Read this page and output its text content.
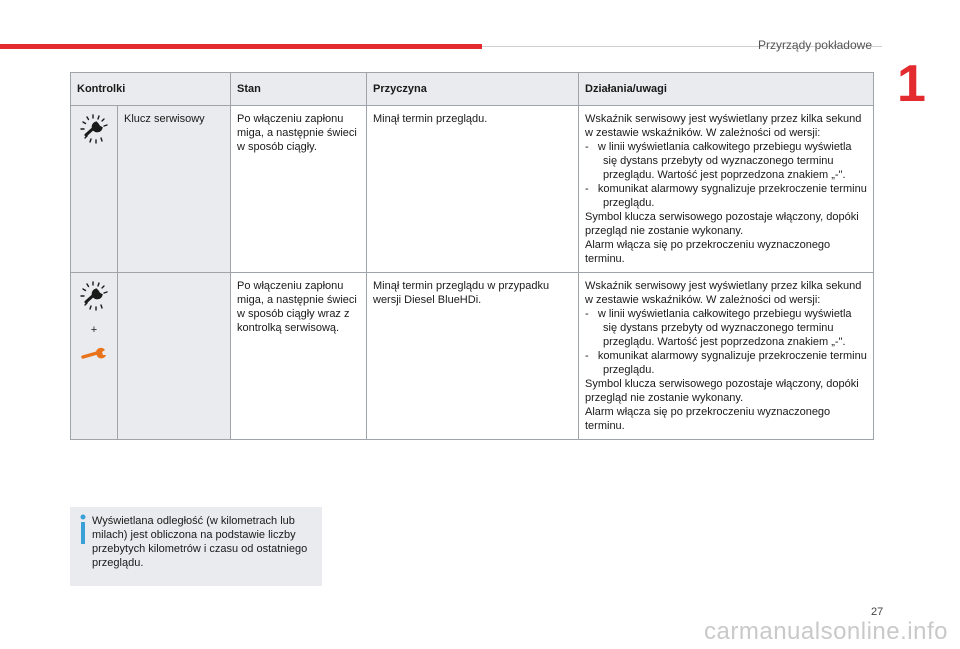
Przyrządy pokładowe
1
Kontrolki		Stan	Przyczyna	Działania/uwagi
	Klucz serwisowy	Po włączeniu zapłonu miga, a następnie świeci w sposób ciągły.	Minął termin przeglądu.	Wskaźnik serwisowy jest wyświetlany przez kilka sekund w zestawie wskaźników. W zależności od wersji:
-   w linii wyświetlania całkowitego przebiegu wyświetla się dystans przebyty od wyznaczonego terminu przeglądu. Wartość jest poprzedzona znakiem „-".
-   komunikat alarmowy sygnalizuje przekroczenie terminu przeglądu.
Symbol klucza serwisowego pozostaje włączony, dopóki przegląd nie zostanie wykonany.
Alarm włącza się po przekroczeniu wyznaczonego terminu.

+		Po włączeniu zapłonu miga, a następnie świeci w sposób ciągły wraz z kontrolką serwisową.	Minął termin przeglądu w przypadku wersji Diesel BlueHDi.	Wskaźnik serwisowy jest wyświetlany przez kilka sekund w zestawie wskaźników. W zależności od wersji:
-   w linii wyświetlania całkowitego przebiegu wyświetla się dystans przebyty od wyznaczonego terminu przeglądu. Wartość jest poprzedzona znakiem „-".
-   komunikat alarmowy sygnalizuje przekroczenie terminu przeglądu.
Symbol klucza serwisowego pozostaje włączony, dopóki przegląd nie zostanie wykonany.
Alarm włącza się po przekroczeniu wyznaczonego terminu.
Wyświetlana odległość (w kilometrach lub milach) jest obliczona na podstawie liczby przebytych kilometrów i czasu od ostatniego przeglądu.
27
carmanualsonline.info
